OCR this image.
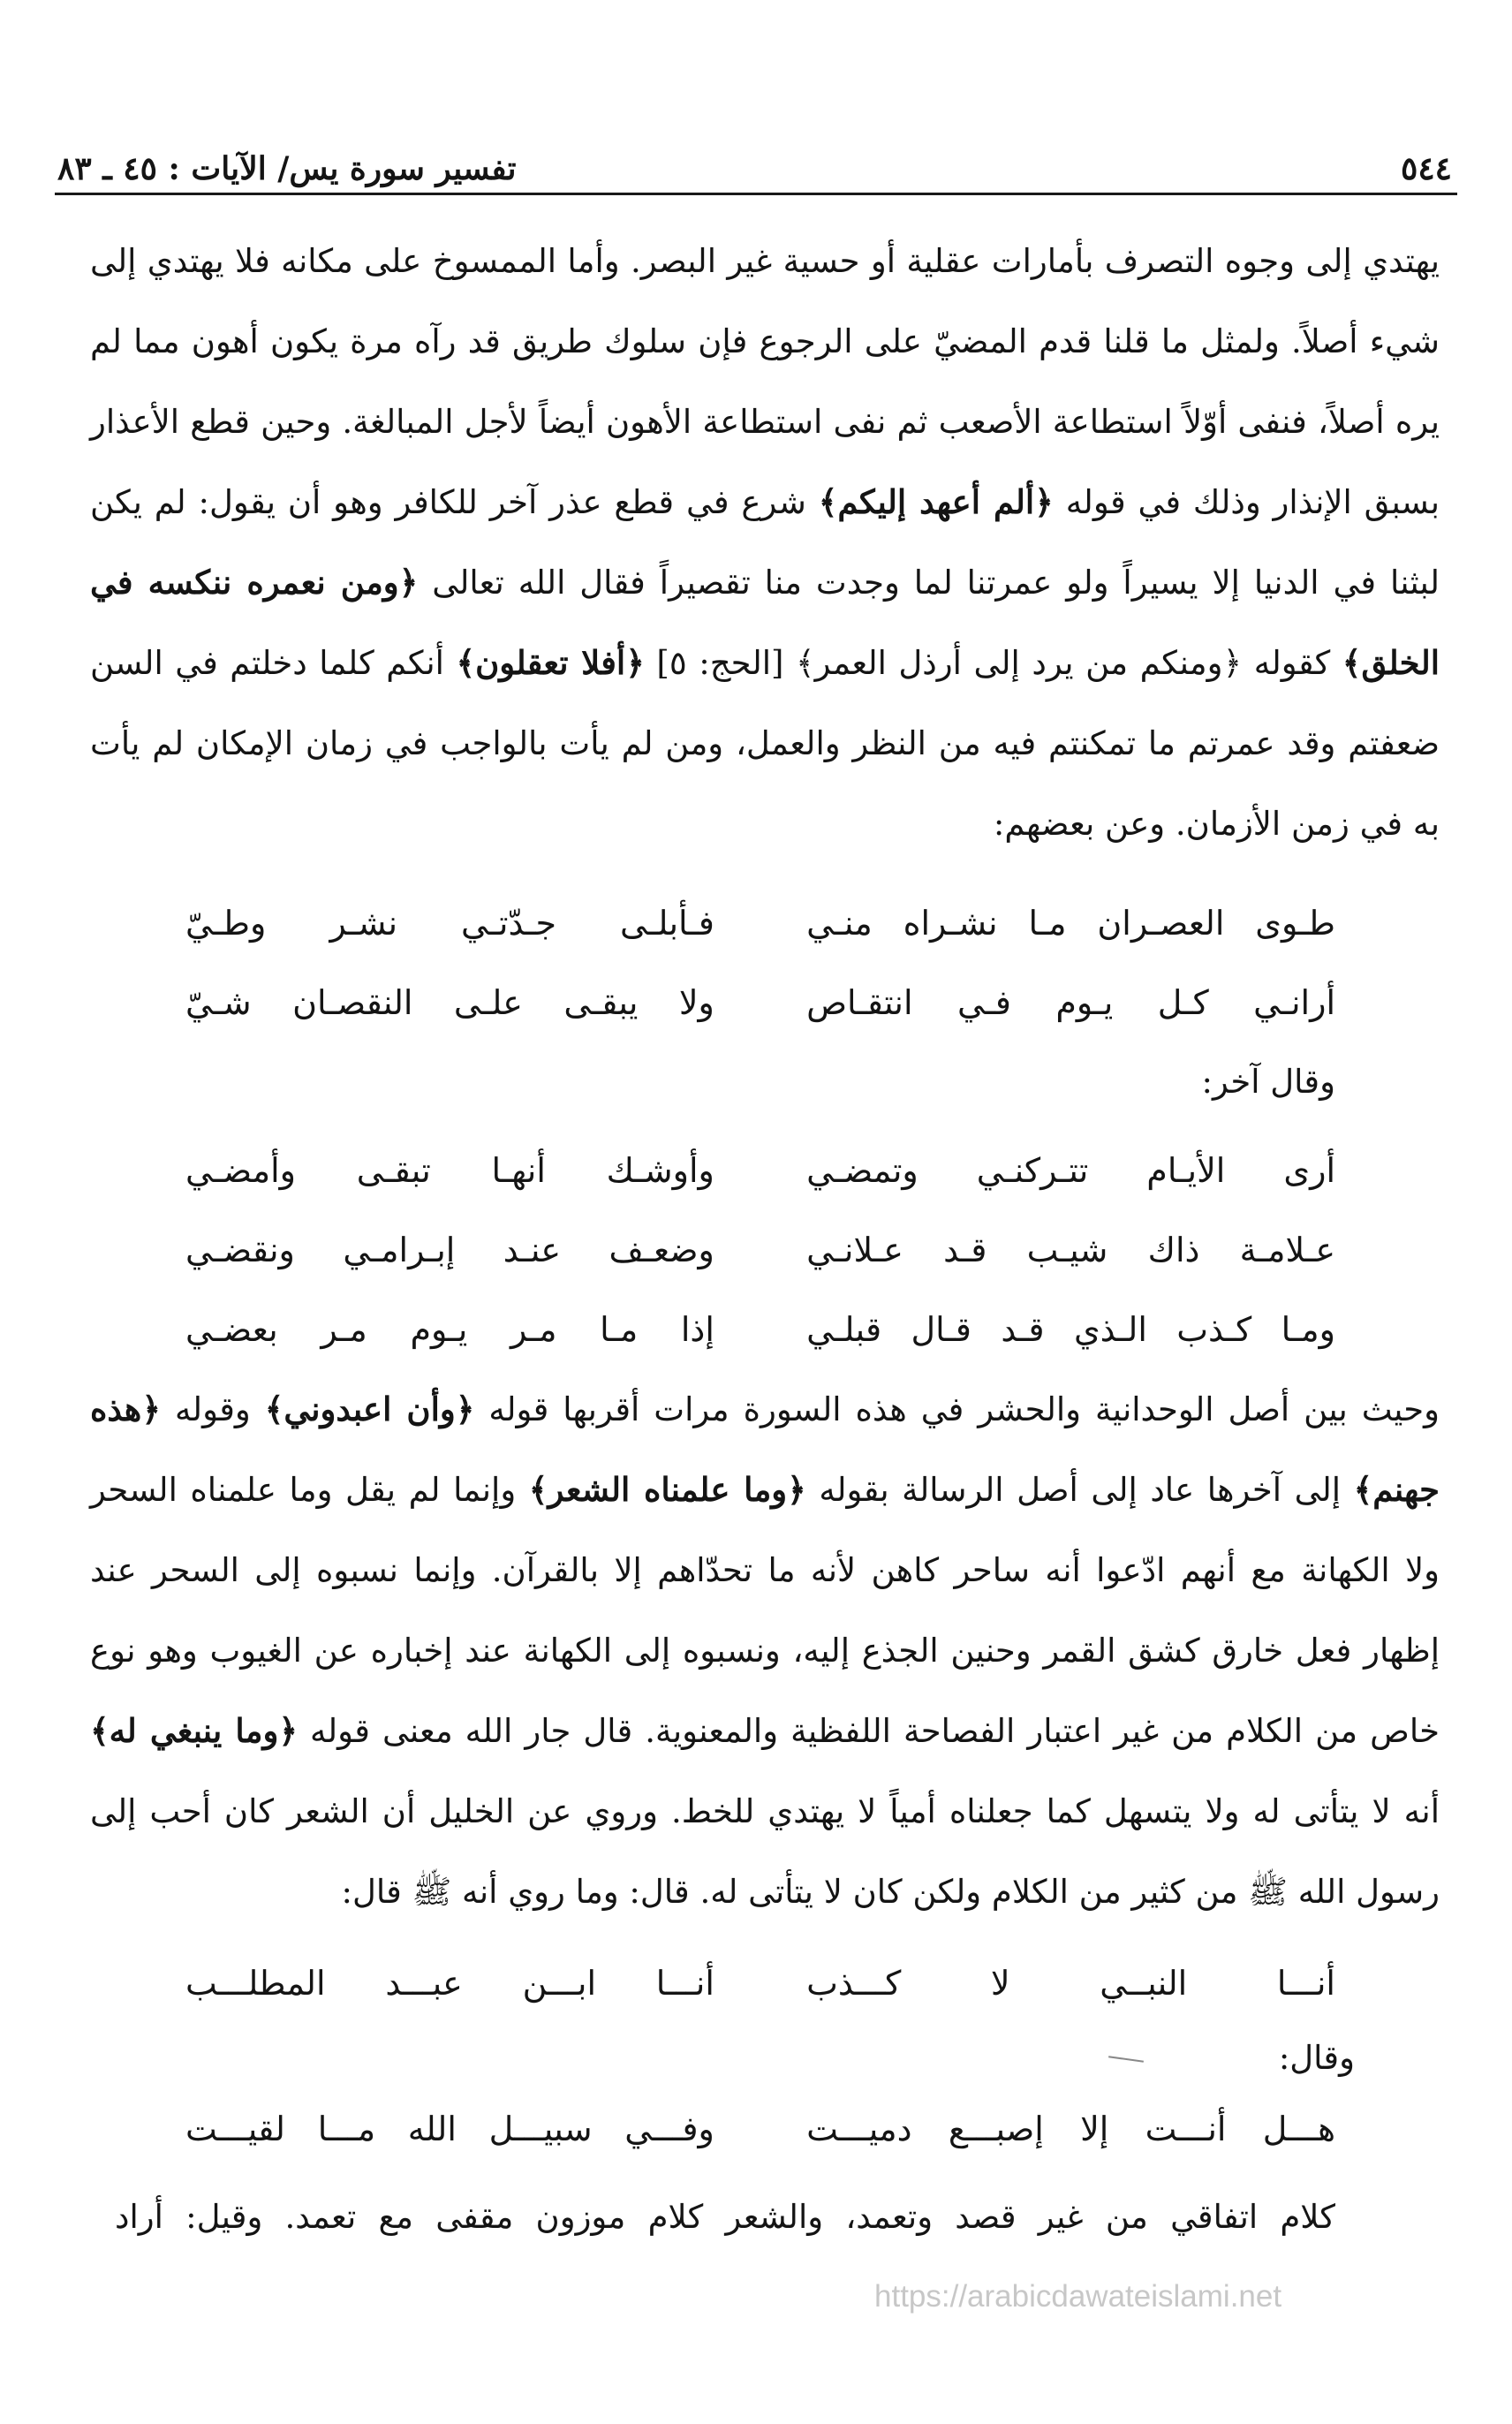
٥٤٤
تفسير سورة يس/ الآيات : ٤٥ ـ ٨٣

يهتدي إلى وجوه التصرف بأمارات عقلية أو حسية غير البصر. وأما الممسوخ على مكانه فلا يهتدي إلى شيء أصلاً. ولمثل ما قلنا قدم المضيّ على الرجوع فإن سلوك طريق قد رآه مرة يكون أهون مما لم يره أصلاً، فنفى أوّلاً استطاعة الأصعب ثم نفى استطاعة الأهون أيضاً لأجل المبالغة. وحين قطع الأعذار بسبق الإنذار وذلك في قوله ﴿ألم أعهد إليكم﴾ شرع في قطع عذر آخر للكافر وهو أن يقول: لم يكن لبثنا في الدنيا إلا يسيراً ولو عمرتنا لما وجدت منا تقصيراً فقال الله تعالى ﴿ومن نعمره ننكسه في الخلق﴾ كقوله ﴿ومنكم من يرد إلى أرذل العمر﴾ [الحج: ٥] ﴿أفلا تعقلون﴾ أنكم كلما دخلتم في السن ضعفتم وقد عمرتم ما تمكنتم فيه من النظر والعمل، ومن لم يأت بالواجب في زمان الإمكان لم يأت به في زمن الأزمان. وعن بعضهم:

طـوى العصـران مـا نشـراه منـي
فـأبلـى جـدّتـي نشـر وطـيّ
أرانـي كـل يـوم فـي انتقـاص
ولا يبقـى علـى النقصـان شـيّ
وقال آخر:
أرى الأيـام تتـركنـي وتمضـي
وأوشـك أنهـا تبقـى وأمضـي
عـلامـة ذاك شيـب قـد عـلانـي
وضعـف عنـد إبـرامـي ونقضـي
ومـا كـذب الـذي قـد قـال قبلـي
إذا مـا مـر يـوم مـر بعضـي

وحيث بين أصل الوحدانية والحشر في هذه السورة مرات أقربها قوله ﴿وأن اعبدوني﴾ وقوله ﴿هذه جهنم﴾ إلى آخرها عاد إلى أصل الرسالة بقوله ﴿وما علمناه الشعر﴾ وإنما لم يقل وما علمناه السحر ولا الكهانة مع أنهم ادّعوا أنه ساحر كاهن لأنه ما تحدّاهم إلا بالقرآن. وإنما نسبوه إلى السحر عند إظهار فعل خارق كشق القمر وحنين الجذع إليه، ونسبوه إلى الكهانة عند إخباره عن الغيوب وهو نوع خاص من الكلام من غير اعتبار الفصاحة اللفظية والمعنوية. قال جار الله معنى قوله ﴿وما ينبغي له﴾ أنه لا يتأتى له ولا يتسهل كما جعلناه أمياً لا يهتدي للخط. وروي عن الخليل أن الشعر كان أحب إلى رسول الله ﷺ من كثير من الكلام ولكن كان لا يتأتى له. قال: وما روي أنه ﷺ قال:

أنـــا النبــي لا كـــذب
أنـــا ابـــن عبـــد المطلـــب
وقال:
هـــل أنـــت إلا إصبـــع دميـــت
وفـــي سبيـــل الله مـــا لقيـــت
كلام اتفاقي من غير قصد وتعمد، والشعر كلام موزون مقفى مع تعمد. وقيل: أراد
https://arabicdawateislami.net
